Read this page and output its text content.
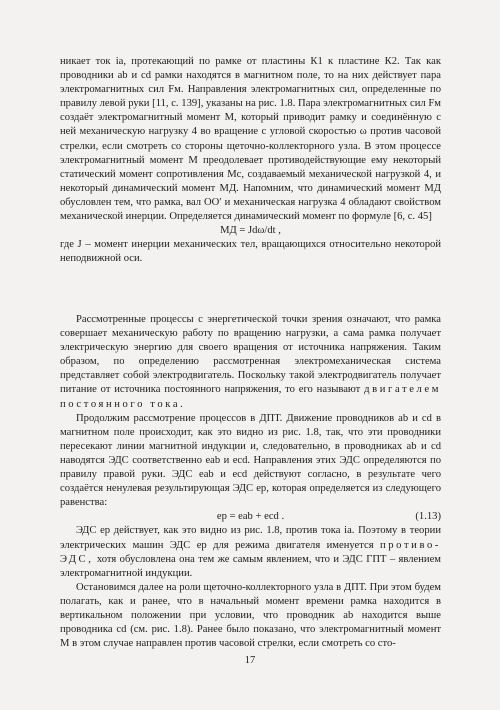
никает ток iа, протекающий по рамке от пластины К1 к пластине К2. Так как проводники ab и cd рамки находятся в магнитном поле, то на них действует пара электромагнитных сил Fм. Направления электромагнитных сил, определенные по правилу левой руки [11, с. 139], указаны на рис. 1.8. Пара электромагнитных сил Fм создаёт электромагнитный момент М, который приводит рамку и соединённую с ней механическую нагрузку 4 во вращение с угловой скоростью ω против часовой стрелки, если смотреть со стороны щеточно-коллекторного узла. В этом процессе электромагнитный момент М преодолевает противодействующие ему некоторый статический момент сопротивления Мс, создаваемый механической нагрузкой 4, и некоторый динамический момент МД. Напомним, что динамический момент МД обусловлен тем, что рамка, вал ОО′ и механическая нагрузка 4 обладают свойством механической инерции. Определяется динамический момент по формуле [6, с. 45]

МД = Jdω/dt ,

где J – момент инерции механических тел, вращающихся относительно некоторой неподвижной оси.

Рассмотренные процессы с энергетической точки зрения означают, что рамка совершает механическую работу по вращению нагрузки, а сама рамка получает электрическую энергию для своего вращения от источника напряжения. Таким образом, по определению рассмотренная электромеханическая система представляет собой электродвигатель. Поскольку такой электродвигатель получает питание от источника постоянного напряжения, то его называют двигателем постоянного тока.

Продолжим рассмотрение процессов в ДПТ. Движение проводников ab и cd в магнитном поле происходит, как это видно из рис. 1.8, так, что эти проводники пересекают линии магнитной индукции и, следовательно, в проводниках ab и cd наводятся ЭДС соответственно eab и ecd. Направления этих ЭДС определяются по правилу правой руки. ЭДС eab и ecd действуют согласно, в результате чего создаётся ненулевая результирующая ЭДС ep, которая определяется из следующего равенства:

ep = eab + ecd .	(1.13)

ЭДС ep действует, как это видно из рис. 1.8, против тока iа. Поэтому в теории электрических машин ЭДС ep для режима двигателя именуется противо-ЭДС, хотя обусловлена она тем же самым явлением, что и ЭДС ГПТ – явлением электромагнитной индукции.

Остановимся далее на роли щеточно-коллекторного узла в ДПТ. При этом будем полагать, как и ранее, что в начальный момент времени рамка находится в вертикальном положении при условии, что проводник ab находится выше проводника cd (см. рис. 1.8). Ранее было показано, что электромагнитный момент М в этом случае направлен против часовой стрелки, если смотреть со сто-

17
